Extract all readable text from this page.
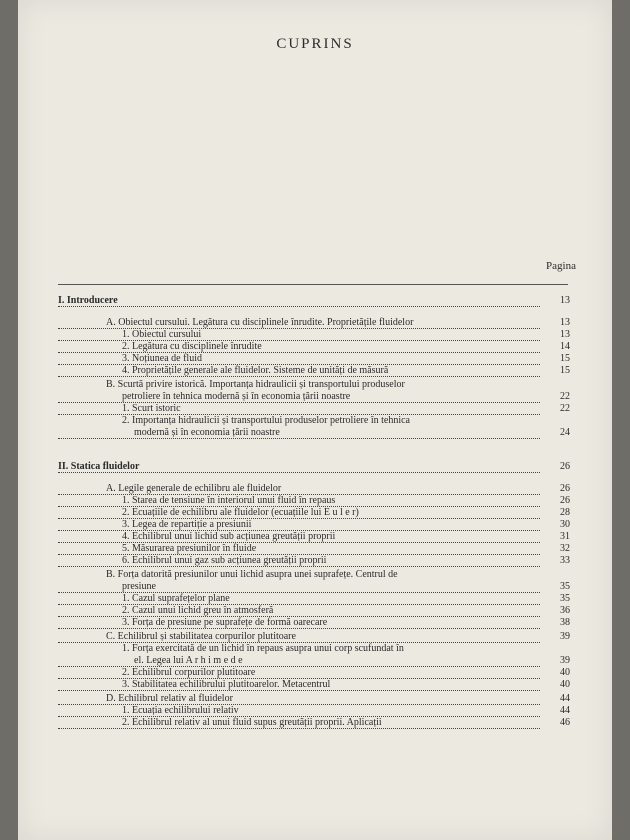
CUPRINS
Pagina
I. Introducere	13
A. Obiectul cursului. Legătura cu disciplinele înrudite. Proprietățile fluidelor	13
1. Obiectul cursului	13
2. Legătura cu disciplinele înrudite	14
3. Noțiunea de fluid	15
4. Proprietățile generale ale fluidelor. Sisteme de unități de măsură	15
B. Scurtă privire istorică. Importanța hidraulicii și transportului produselor
petroliere în tehnica modernă și în economia țării noastre	22
1. Scurt istoric	22
2. Importanța hidraulicii și transportului produselor petroliere în tehnica
modernă și în economia țării noastre	24
II. Statica fluidelor	26
A. Legile generale de echilibru ale fluidelor	26
1. Starea de tensiune în interiorul unui fluid în repaus	26
2. Ecuațiile de echilibru ale fluidelor (ecuațiile lui E u l e r)	28
3. Legea de repartiție a presiunii	30
4. Echilibrul unui lichid sub acțiunea greutății proprii	31
5. Măsurarea presiunilor în fluide	32
6. Echilibrul unui gaz sub acțiunea greutății proprii	33
B. Forța datorită presiunilor unui lichid asupra unei suprafețe. Centrul de
presiune	35
1. Cazul suprafețelor plane	35
2. Cazul unui lichid greu în atmosferă	36
3. Forța de presiune pe suprafețe de formă oarecare	38
C. Echilibrul și stabilitatea corpurilor plutitoare	39
1. Forța exercitată de un lichid în repaus asupra unui corp scufundat în
el. Legea lui A r h i m e d e	39
2. Echilibrul corpurilor plutitoare	40
3. Stabilitatea echilibrului plutitoarelor. Metacentrul	40
D. Echilibrul relativ al fluidelor	44
1. Ecuația echilibrului relativ	44
2. Echilibrul relativ al unui fluid supus greutății proprii. Aplicații	46
